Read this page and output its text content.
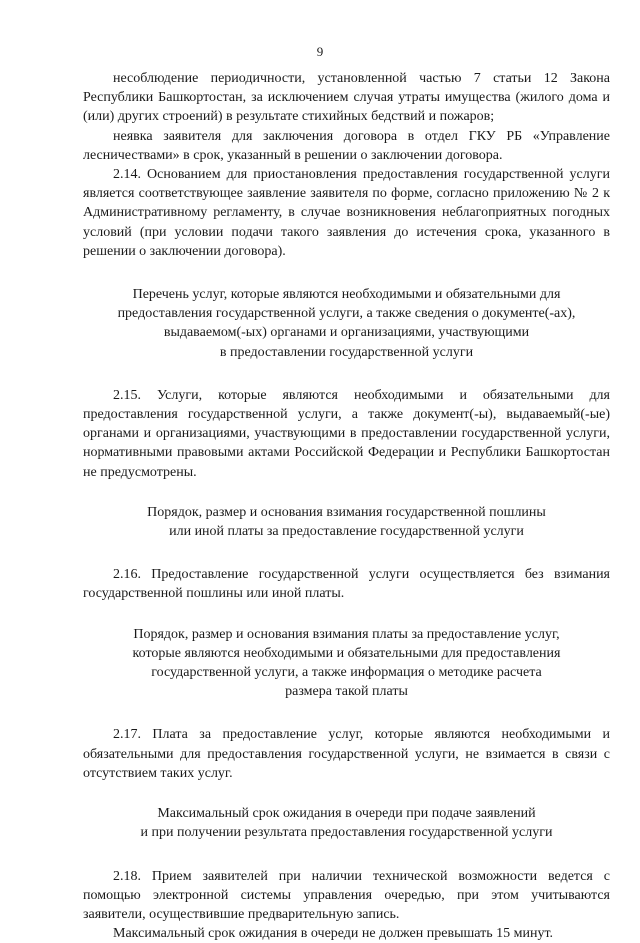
9

несоблюдение периодичности, установленной частью 7 статьи 12 Закона Республики Башкортостан, за исключением случая утраты имущества (жилого дома и (или) других строений) в результате стихийных бедствий и пожаров;

неявка заявителя для заключения договора в отдел ГКУ РБ «Управление лесничествами» в срок, указанный в решении о заключении договора.

2.14. Основанием для приостановления предоставления государственной услуги является соответствующее заявление заявителя по форме, согласно приложению № 2 к Административному регламенту, в случае возникновения неблагоприятных погодных условий (при условии подачи такого заявления до истечения срока, указанного в решении о заключении договора).

Перечень услуг, которые являются необходимыми и обязательными для
предоставления государственной услуги, а также сведения о документе(-ах),
выдаваемом(-ых) органами и организациями, участвующими
в предоставлении государственной услуги

2.15. Услуги, которые являются необходимыми и обязательными для предоставления государственной услуги, а также документ(-ы), выдаваемый(-ые) органами и организациями, участвующими в предоставлении государственной услуги, нормативными правовыми актами Российской Федерации и Республики Башкортостан не предусмотрены.

Порядок, размер и основания взимания государственной пошлины
или иной платы за предоставление государственной услуги

2.16. Предоставление государственной услуги осуществляется без взимания государственной пошлины или иной платы.

Порядок, размер и основания взимания платы за предоставление услуг,
которые являются необходимыми и обязательными для предоставления
государственной услуги, а также информация о методике расчета
размера такой платы

2.17. Плата за предоставление услуг, которые являются необходимыми и обязательными для предоставления государственной услуги, не взимается в связи с отсутствием таких услуг.

Максимальный срок ожидания в очереди при подаче заявлений
и при получении результата предоставления государственной услуги

2.18. Прием заявителей при наличии технической возможности ведется с помощью электронной системы управления очередью, при этом учитываются заявители, осуществившие предварительную запись.

Максимальный срок ожидания в очереди не должен превышать 15 минут.
